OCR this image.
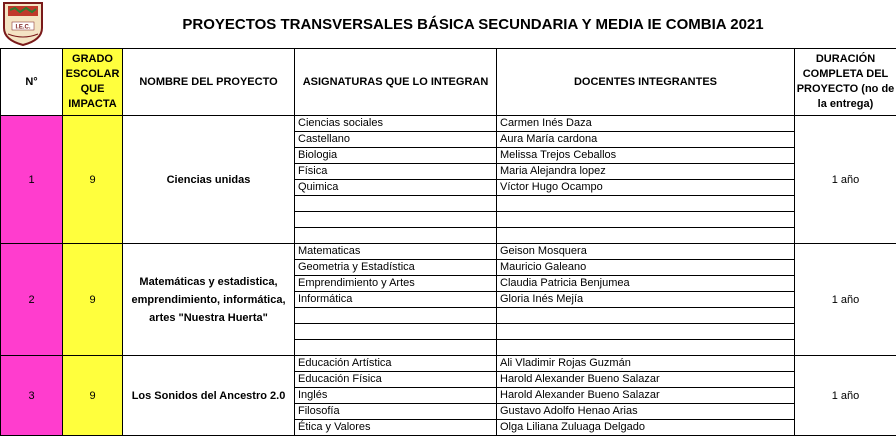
I.E.C.	PROYECTOS TRANSVERSALES BÁSICA SECUNDARIA Y MEDIA IE COMBIA 2021
N°	GRADO ESCOLAR QUE IMPACTA	NOMBRE DEL PROYECTO	ASIGNATURAS QUE LO INTEGRAN	DOCENTES INTEGRANTES	DURACIÓN COMPLETA DEL PROYECTO (no de la entrega)
1	9	Ciencias unidas	Ciencias sociales	Carmen Inés Daza	1 año
			Castellano	Aura María cardona	
			Biologia	Melissa Trejos Ceballos	
			Física	Maria Alejandra lopez	
			Quimica	Víctor Hugo Ocampo	

2	9	Matemáticas y estadistica, emprendimiento, informática, artes "Nuestra Huerta"	Matematicas	Geison Mosquera	1 año
			Geometria y Estadística	Mauricio Galeano	
			Emprendimiento y Artes	Claudia Patricia Benjumea	
			Informática	Gloria Inés Mejía	

3	9	Los Sonidos del Ancestro 2.0	Educación Artística	Ali Vladimir Rojas Guzmán	1 año
			Educación Física	Harold Alexander Bueno Salazar	
			Inglés	Harold Alexander Bueno Salazar	
			Filosofía	Gustavo Adolfo Henao Arias	
			Ética y Valores	Olga Liliana Zuluaga Delgado	
